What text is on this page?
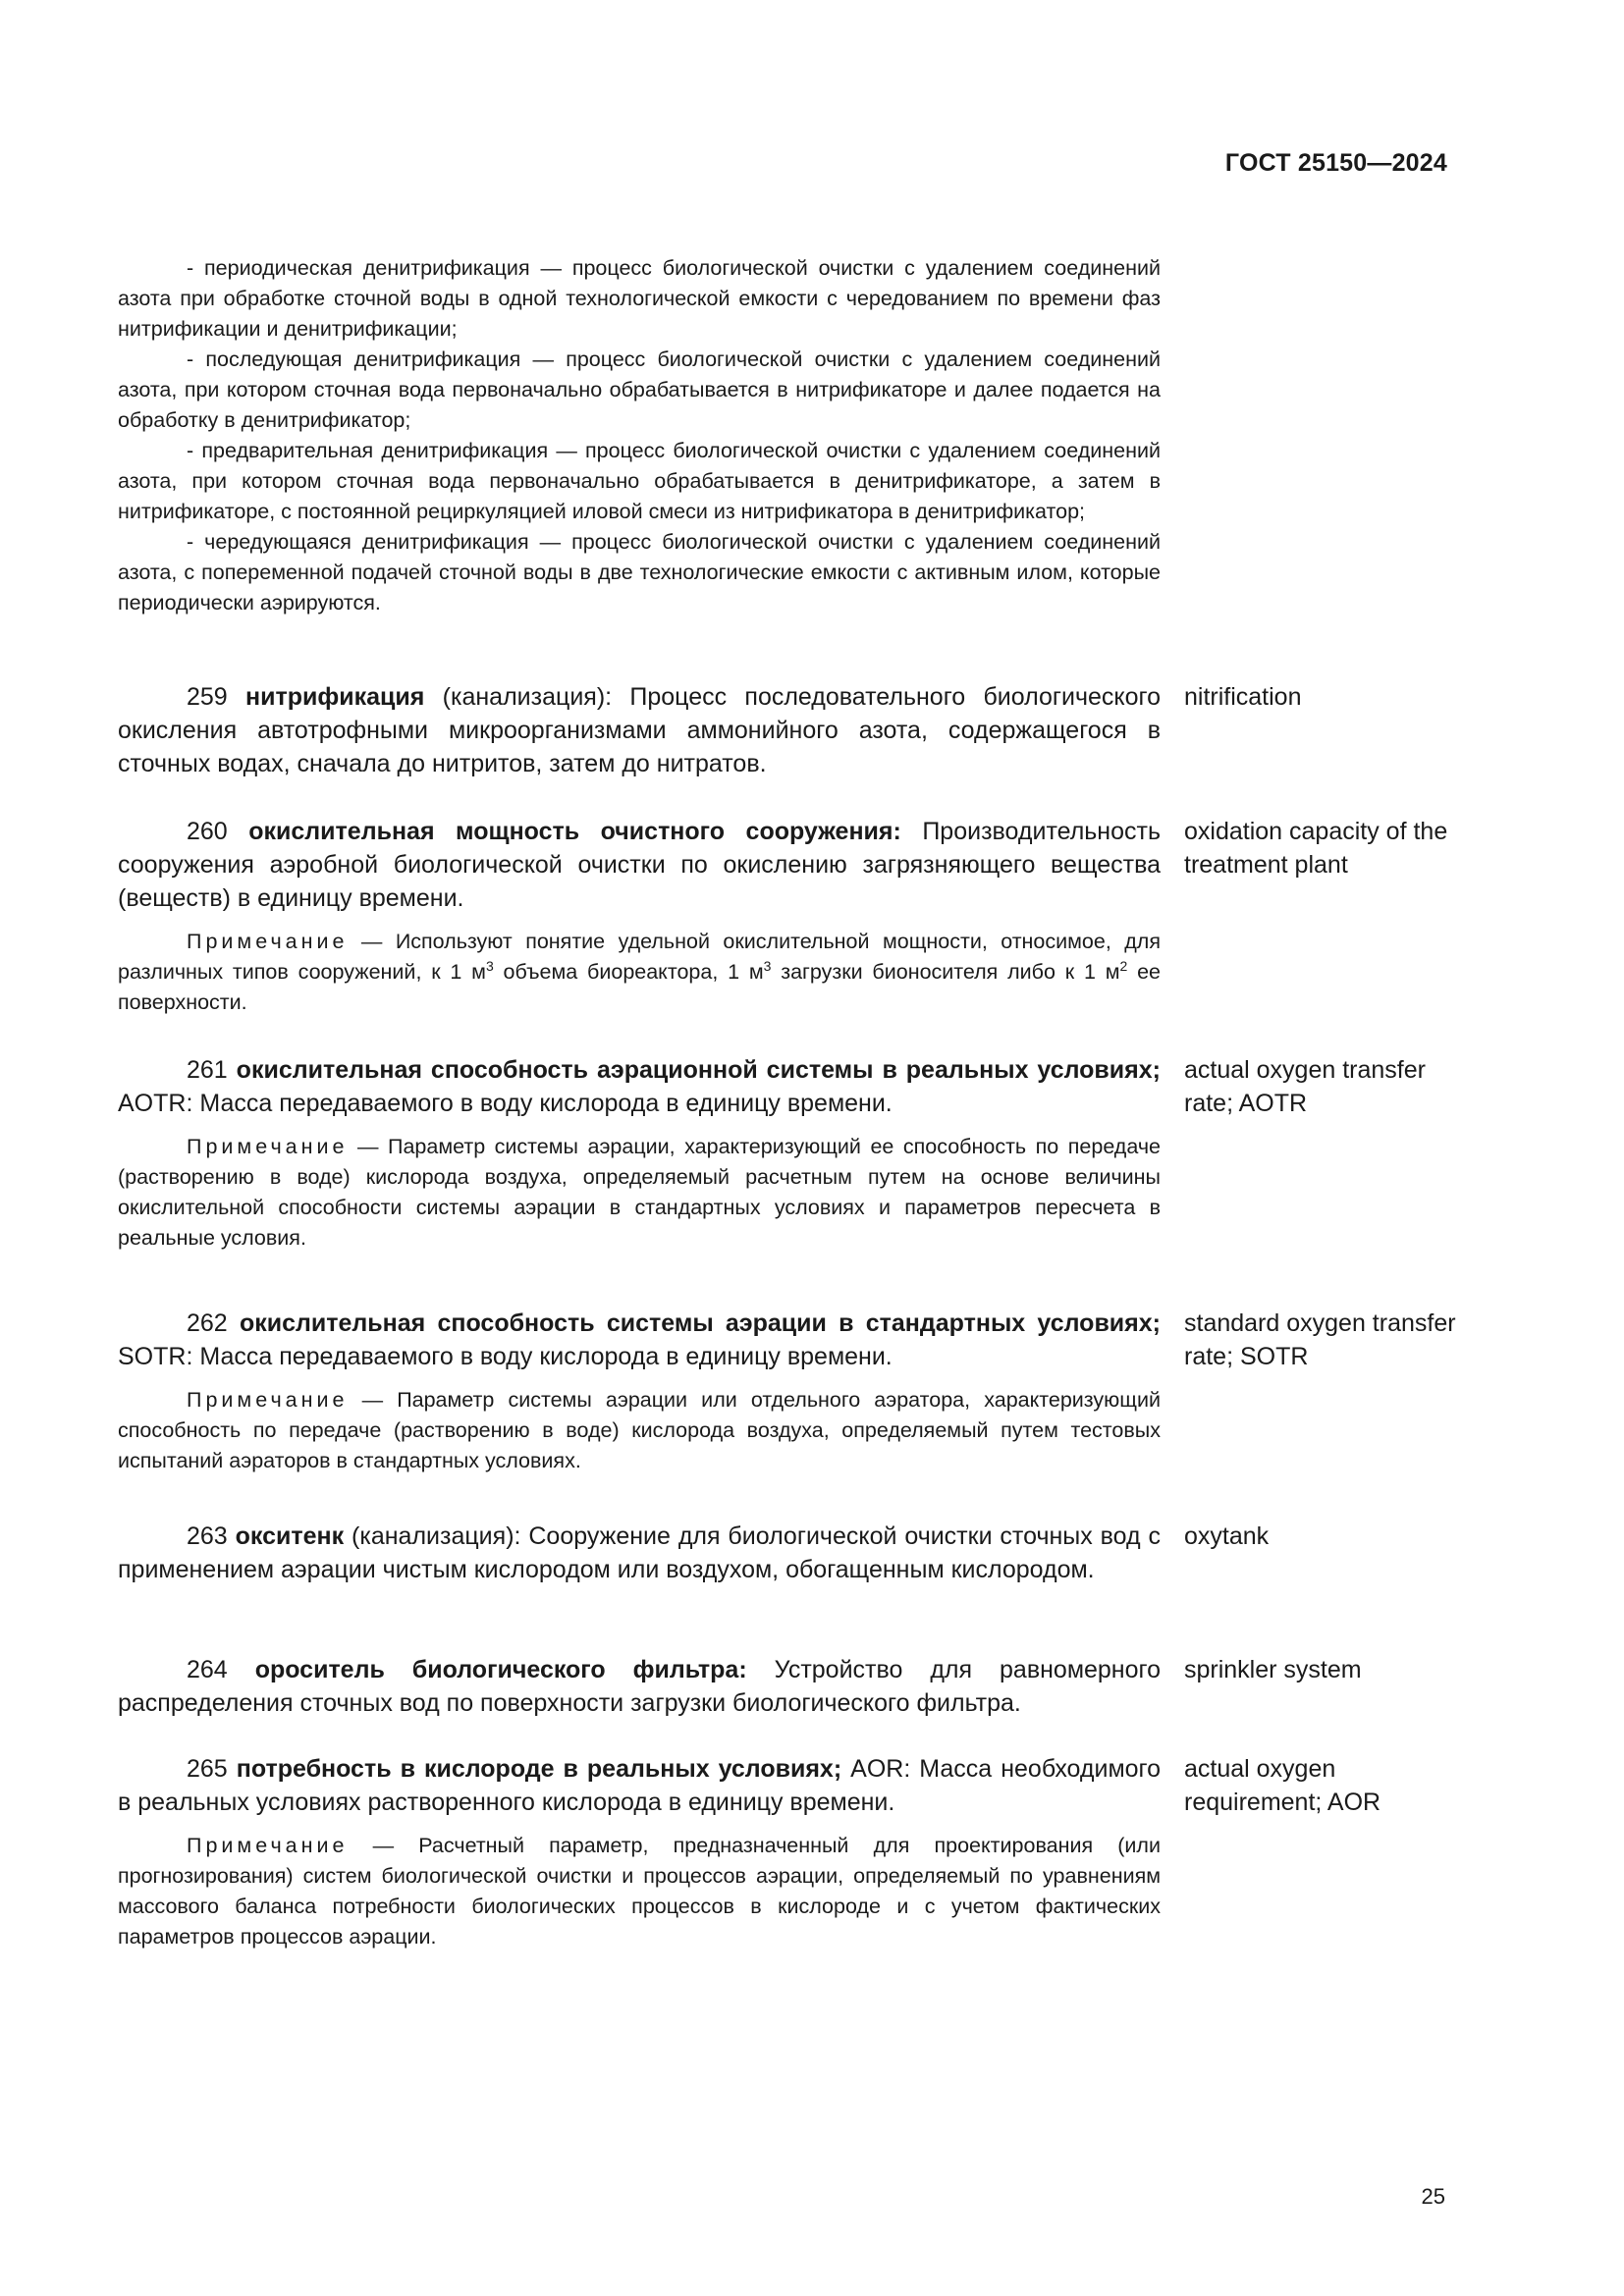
ГОСТ 25150—2024

- периодическая денитрификация — процесс биологической очистки с удалением соединений азота при обработке сточной воды в одной технологической емкости с чередованием по времени фаз нитрификации и денитрификации;

- последующая денитрификация — процесс биологической очистки с удалением соединений азота, при котором сточная вода первоначально обрабатывается в нитрификаторе и далее подается на обработку в денитрификатор;

- предварительная денитрификация — процесс биологической очистки с удалением соединений азота, при котором сточная вода первоначально обрабатывается в денитрификаторе, а затем в нитрификаторе, с постоянной рециркуляцией иловой смеси из нитрификатора в денитрификатор;

- чередующаяся денитрификация — процесс биологической очистки с удалением соединений азота, с попеременной подачей сточной воды в две технологические емкости с активным илом, которые периодически аэрируются.

259 нитрификация (канализация): Процесс последовательного биологического окисления автотрофными микроорганизмами аммонийного азота, содержащегося в сточных водах, сначала до нитритов, затем до нитратов.

nitrification

260 окислительная мощность очистного сооружения: Производительность сооружения аэробной биологической очистки по окислению загрязняющего вещества (веществ) в единицу времени.

Примечание — Используют понятие удельной окислительной мощности, относимое, для различных типов сооружений, к 1 $м^3$ объема биореактора, 1 $м^3$ загрузки бионосителя либо к 1 $м^2$ ее поверхности.

oxidation capacity of the treatment plant

261 окислительная способность аэрационной системы в реальных условиях; AOTR: Масса передаваемого в воду кислорода в единицу времени.

Примечание — Параметр системы аэрации, характеризующий ее способность по передаче (растворению в воде) кислорода воздуха, определяемый расчетным путем на основе величины окислительной способности системы аэрации в стандартных условиях и параметров пересчета в реальные условия.

actual oxygen transfer rate; AOTR

262 окислительная способность системы аэрации в стандартных условиях; SOTR: Масса передаваемого в воду кислорода в единицу времени.

Примечание — Параметр системы аэрации или отдельного аэратора, характеризующий способность по передаче (растворению в воде) кислорода воздуха, определяемый путем тестовых испытаний аэраторов в стандартных условиях.

standard oxygen transfer rate; SOTR

263 окситенк (канализация): Сооружение для биологической очистки сточных вод с применением аэрации чистым кислородом или воздухом, обогащенным кислородом.

oxytank

264 ороситель биологического фильтра: Устройство для равномерного распределения сточных вод по поверхности загрузки биологического фильтра.

sprinkler system

265 потребность в кислороде в реальных условиях; AOR: Масса необходимого в реальных условиях растворенного кислорода в единицу времени.

Примечание — Расчетный параметр, предназначенный для проектирования (или прогнозирования) систем биологической очистки и процессов аэрации, определяемый по уравнениям массового баланса потребности биологических процессов в кислороде и с учетом фактических параметров процессов аэрации.

actual oxygen requirement; AOR
25
